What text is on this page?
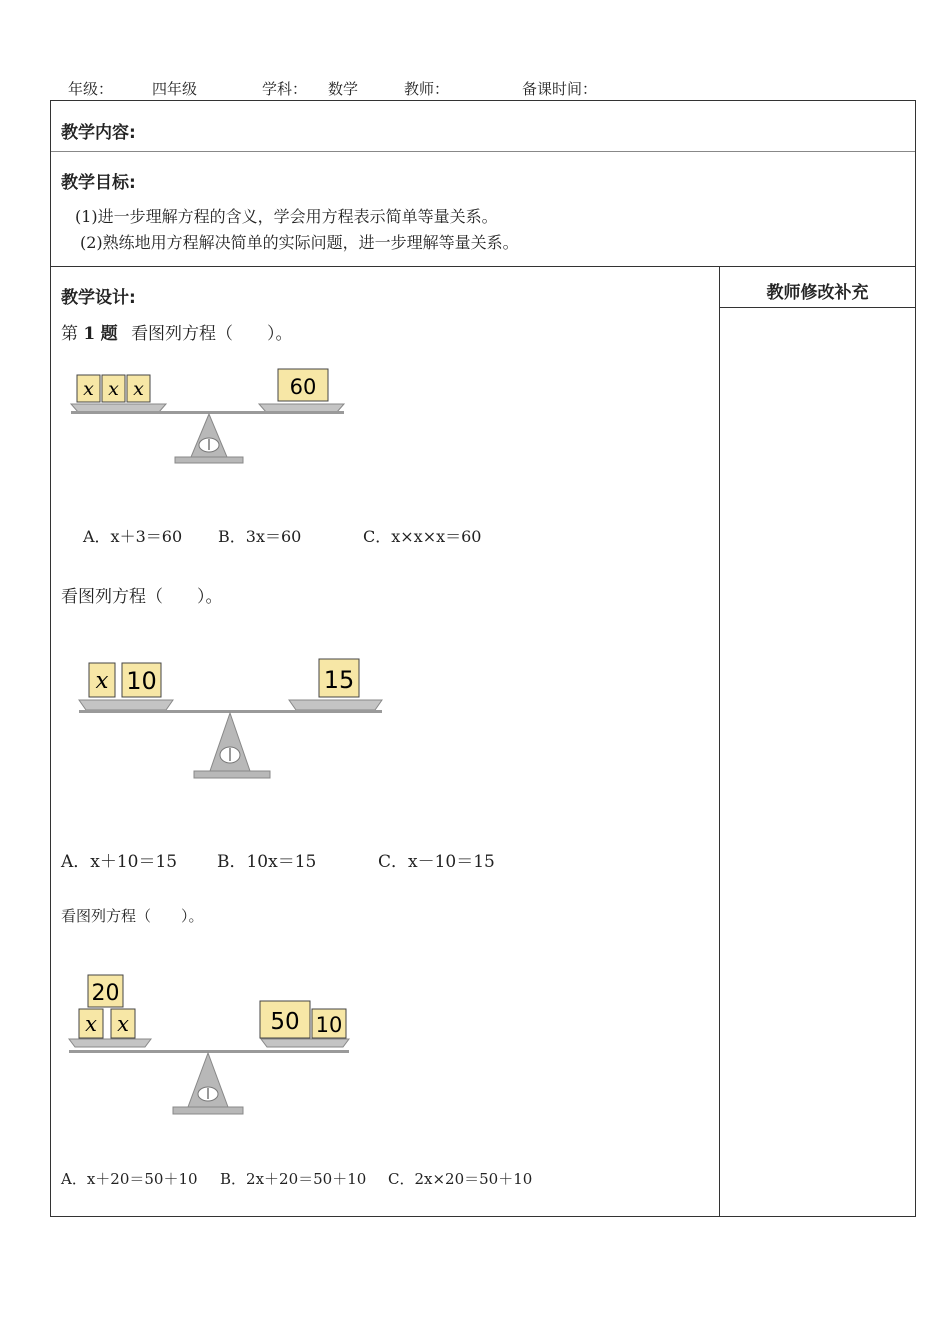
年级：	四年级	学科： 数学	教师：	备课时间：
教学内容:
教学目标:
(1)进一步理解方程的含义，学会用方程表示简单等量关系。
(2)熟练地用方程解决简单的实际问题，进一步理解等量关系。
教师修改补充
教学设计:
第 1 题 看图列方程（　　）。
x x x	60
A．x＋3＝60 B．3x＝60	C．x×x×x＝60
看图列方程（　　）。
x 10	15
A．x＋10＝15 B．10x＝15	C．x－10＝15
看图列方程（　　）。
20
x x	50 10
A．x＋20＝50＋10 B．2x＋20＝50＋10 C．2x×20＝50＋10
